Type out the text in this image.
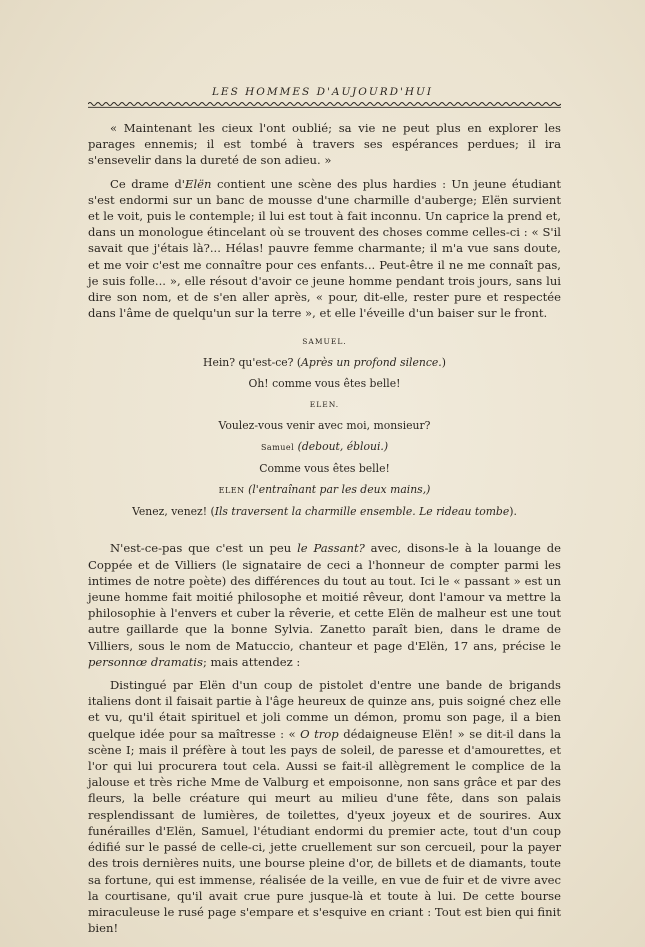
LES HOMMES D'AUJOURD'HUI

« Maintenant les cieux l'ont oublié; sa vie ne peut plus en explorer les parages ennemis; il est tombé à travers ses espérances perdues; il ira s'ensevelir dans la dureté de son adieu. »

Ce drame d'Elën contient une scène des plus hardies : Un jeune étudiant s'est endormi sur un banc de mousse d'une charmille d'auberge; Elën survient et le voit, puis le contemple; il lui est tout à fait inconnu. Un caprice la prend et, dans un monologue étincelant où se trouvent des choses comme celles-ci : « S'il savait que j'étais là?... Hélas! pauvre femme charmante; il m'a vue sans doute, et me voir c'est me connaître pour ces enfants... Peut-être il ne me connaît pas, je suis folle... », elle résout d'avoir ce jeune homme pendant trois jours, sans lui dire son nom, et de s'en aller après, « pour, dit-elle, rester pure et respectée dans l'âme de quelqu'un sur la terre », et elle l'éveille d'un baiser sur le front.

SAMUEL.
Hein? qu'est-ce? (Après un profond silence.)
Oh! comme vous êtes belle!
ELEN.
Voulez-vous venir avec moi, monsieur?
Samuel (debout, ébloui.)
Comme vous êtes belle!
ELEN (l'entraînant par les deux mains,)
Venez, venez! (Ils traversent la charmille ensemble. Le rideau tombe).

N'est-ce-pas que c'est un peu le Passant? avec, disons-le à la louange de Coppée et de Villiers (le signataire de ceci a l'honneur de compter parmi les intimes de notre poète) des différences du tout au tout. Ici le « passant » est un jeune homme fait moitié philosophe et moitié rêveur, dont l'amour va mettre la philosophie à l'envers et cuber la rêverie, et cette Elën de malheur est une tout autre gaillarde que la bonne Sylvia. Zanetto paraît bien, dans le drame de Villiers, sous le nom de Matuccio, chanteur et page d'Elën, 17 ans, précise le personnœ dramatis; mais attendez :

Distingué par Elën d'un coup de pistolet d'entre une bande de brigands italiens dont il faisait partie à l'âge heureux de quinze ans, puis soigné chez elle et vu, qu'il était spirituel et joli comme un démon, promu son page, il a bien quelque idée pour sa maîtresse : « O trop dédaigneuse Elën! » se dit-il dans la scène I; mais il préfère à tout les pays de soleil, de paresse et d'amourettes, et l'or qui lui procurera tout cela. Aussi se fait-il allègrement le complice de la jalouse et très riche Mme de Valburg et empoisonne, non sans grâce et par des fleurs, la belle créature qui meurt au milieu d'une fête, dans son palais resplendissant de lumières, de toilettes, d'yeux joyeux et de sourires. Aux funérailles d'Elën, Samuel, l'étudiant endormi du premier acte, tout d'un coup édifié sur le passé de celle-ci, jette cruellement sur son cercueil, pour la payer des trois dernières nuits, une bourse pleine d'or, de billets et de diamants, toute sa fortune, qui est immense, réalisée de la veille, en vue de fuir et de vivre avec la courtisane, qu'il avait crue pure jusque-là et toute à lui. De cette bourse miraculeuse le rusé page s'empare et s'esquive en criant : Tout est bien qui finit bien!
